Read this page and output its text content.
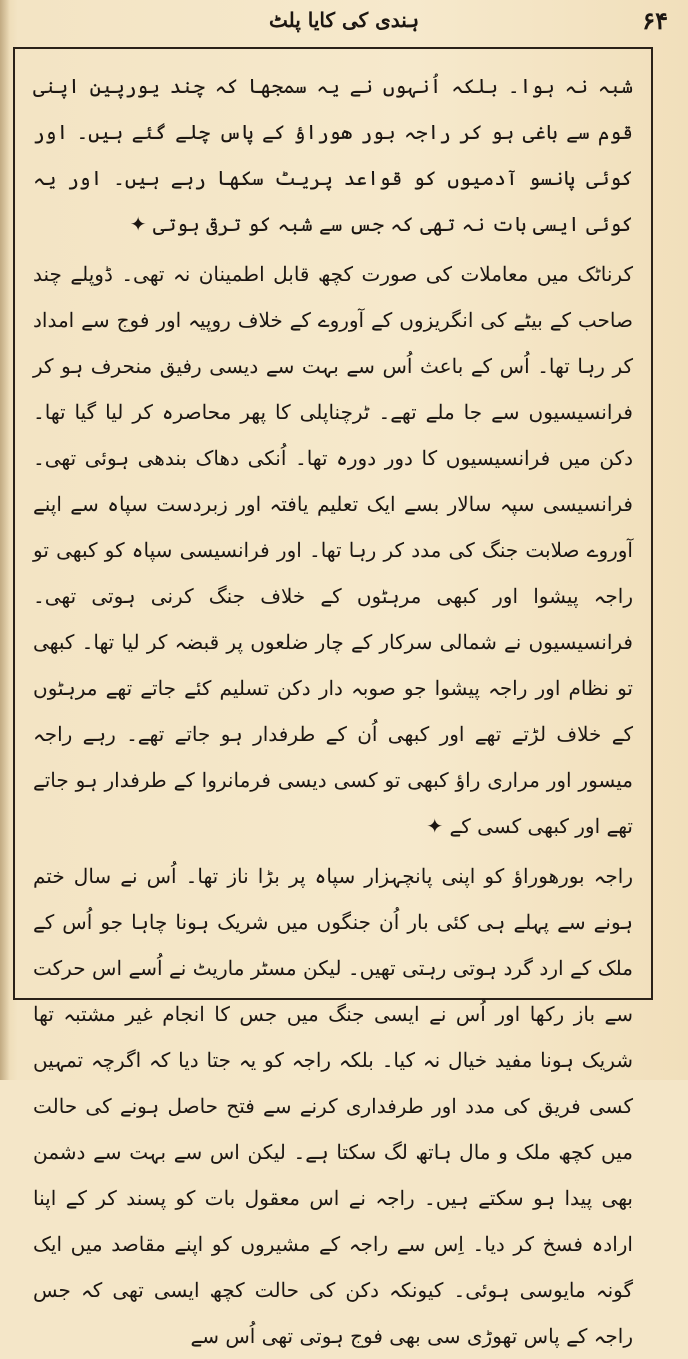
ہندی کی کایا پلٹ	۶۴

شبہ نہ ہوا۔ بلکہ اُنہوں نے یہ سمجھا کہ چند یورپین اپنی قوم سے باغی ہو کر راجہ بور ھوراؤ کے پاس چلے گئے ہیں۔ اور کوئی پانسو آدمیوں کو قواعد پریٹ سکھا رہے ہیں۔ اور یہ کوئی ایسی بات نہ تھی کہ جس سے شبہ کو ترقی ہوتی ✦

کرناٹک میں معاملات کی صورت کچھ قابل اطمینان نہ تھی۔ ڈوپلے چند صاحب کے بیٹے کی انگریزوں کے آوروے کے خلاف روپیہ اور فوج سے امداد کر رہا تھا۔ اُس کے باعث اُس سے بہت سے دیسی رفیق منحرف ہو کر فرانسیسیوں سے جا ملے تھے۔ ٹرچناپلی کا پھر محاصرہ کر لیا گیا تھا۔ دکن میں فرانسیسیوں کا دور دورہ تھا۔ اُنکی دھاک بندھی ہوئی تھی۔ فرانسیسی سپہ سالار بسے ایک تعلیم یافتہ اور زبردست سپاہ سے اپنے آوروے صلابت جنگ کی مدد کر رہا تھا۔ اور فرانسیسی سپاہ کو کبھی تو راجہ پیشوا اور کبھی مرہٹوں کے خلاف جنگ کرنی ہوتی تھی۔ فرانسیسیوں نے شمالی سرکار کے چار ضلعوں پر قبضہ کر لیا تھا۔ کبھی تو نظام اور راجہ پیشوا جو صوبہ دار دکن تسلیم کئے جاتے تھے مرہٹوں کے خلاف لڑتے تھے اور کبھی اُن کے طرفدار ہو جاتے تھے۔ رہے راجہ میسور اور مراری راؤ کبھی تو کسی دیسی فرمانروا کے طرفدار ہو جاتے تھے اور کبھی کسی کے ✦

راجہ بورھوراؤ کو اپنی پانچہزار سپاہ پر بڑا ناز تھا۔ اُس نے سال ختم ہونے سے پہلے ہی کئی بار اُن جنگوں میں شریک ہونا چاہا جو اُس کے ملک کے ارد گرد ہوتی رہتی تھیں۔ لیکن مسٹر ماریٹ نے اُسے اس حرکت سے باز رکھا اور اُس نے ایسی جنگ میں جس کا انجام غیر مشتبہ تھا شریک ہونا مفید خیال نہ کیا۔ بلکہ راجہ کو یہ جتا دیا کہ اگرچہ تمہیں کسی فریق کی مدد اور طرفداری کرنے سے فتح حاصل ہونے کی حالت میں کچھ ملک و مال ہاتھ لگ سکتا ہے۔ لیکن اس سے بہت سے دشمن بھی پیدا ہو سکتے ہیں۔ راجہ نے اس معقول بات کو پسند کر کے اپنا ارادہ فسخ کر دیا۔ اِس سے راجہ کے مشیروں کو اپنے مقاصد میں ایک گونہ مایوسی ہوئی۔ کیونکہ دکن کی حالت کچھ ایسی تھی کہ جس راجہ کے پاس تھوڑی سی بھی فوج ہوتی تھی اُس سے
